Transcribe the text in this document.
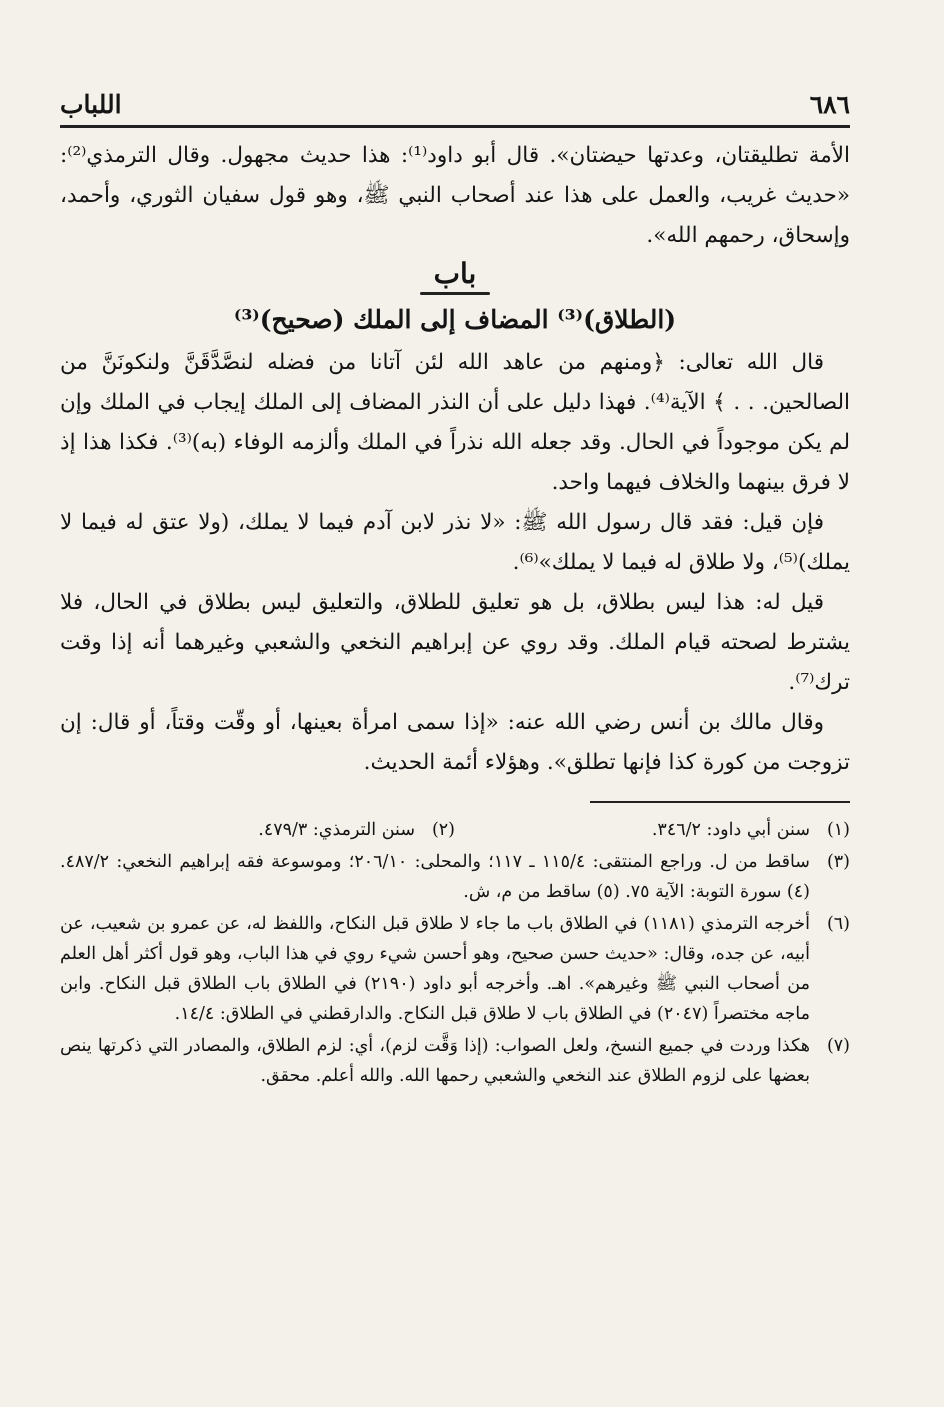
٦٨٦
اللباب

الأمة تطليقتان، وعدتها حيضتان». قال أبو داود⁽¹⁾: هذا حديث مجهول. وقال الترمذي⁽²⁾: «حديث غريب، والعمل على هذا عند أصحاب النبي ﷺ، وهو قول سفيان الثوري، وأحمد، وإسحاق، رحمهم الله».

باب
(الطلاق)⁽³⁾ المضاف إلى الملك (صحيح)⁽³⁾

قال الله تعالى: ﴿ومنهم من عاهد الله لئن آتانا من فضله لنصَّدَّقَنَّ ولنكونَنَّ من الصالحين. . . ﴾ الآية⁽⁴⁾. فهذا دليل على أن النذر المضاف إلى الملك إيجاب في الملك وإن لم يكن موجوداً في الحال. وقد جعله الله نذراً في الملك وألزمه الوفاء (به)⁽³⁾. فكذا هذا إذ لا فرق بينهما والخلاف فيهما واحد.

فإن قيل: فقد قال رسول الله ﷺ: «لا نذر لابن آدم فيما لا يملك، (ولا عتق له فيما لا يملك)⁽⁵⁾، ولا طلاق له فيما لا يملك»⁽⁶⁾.

قيل له: هذا ليس بطلاق، بل هو تعليق للطلاق، والتعليق ليس بطلاق في الحال، فلا يشترط لصحته قيام الملك. وقد روي عن إبراهيم النخعي والشعبي وغيرهما أنه إذا وقت ترك⁽⁷⁾.

وقال مالك بن أنس رضي الله عنه: «إذا سمى امرأة بعينها، أو وقّت وقتاً، أو قال: إن تزوجت من كورة كذا فإنها تطلق». وهؤلاء أئمة الحديث.

(١)
سنن أبي داود: ٣٤٦/٢.
(٢)
سنن الترمذي: ٤٧٩/٣.
(٣)
ساقط من ل. وراجع المنتقى: ١١٥/٤ ـ ١١٧؛ والمحلى: ٢٠٦/١٠؛ وموسوعة فقه إبراهيم النخعي: ٤٨٧/٢. (٤) سورة التوبة: الآية ٧٥. (٥) ساقط من م، ش.
(٦)
أخرجه الترمذي (١١٨١) في الطلاق باب ما جاء لا طلاق قبل النكاح، واللفظ له، عن عمرو بن شعيب، عن أبيه، عن جده، وقال: «حديث حسن صحيح، وهو أحسن شيء روي في هذا الباب، وهو قول أكثر أهل العلم من أصحاب النبي ﷺ وغيرهم». اهـ. وأخرجه أبو داود (٢١٩٠) في الطلاق باب الطلاق قبل النكاح. وابن ماجه مختصراً (٢٠٤٧) في الطلاق باب لا طلاق قبل النكاح. والدارقطني في الطلاق: ١٤/٤.
(٧)
هكذا وردت في جميع النسخ، ولعل الصواب: (إذا وَقَّت لزم)، أي: لزم الطلاق، والمصادر التي ذكرتها ينص بعضها على لزوم الطلاق عند النخعي والشعبي رحمها الله. والله أعلم. محقق.
